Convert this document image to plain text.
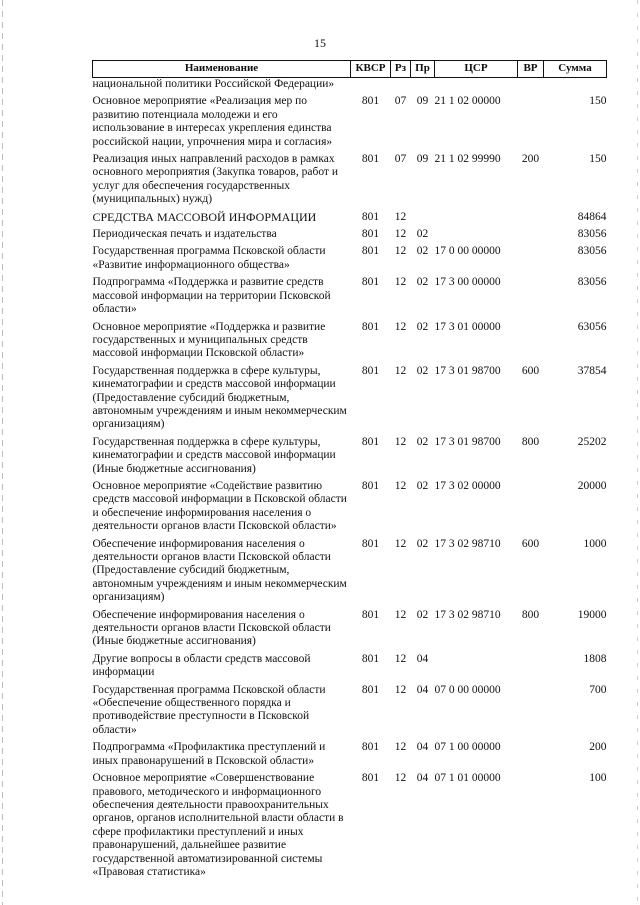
15
Наименование	КВСР	Рз	Пр	ЦСР	ВР	Сумма
национальной политики Российской Федерации»						
Основное мероприятие «Реализация мер по развитию потенциала молодежи и его использование в интересах укрепления единства российской нации, упрочнения мира и согласия»	801	07	09	21 1 02 00000		150
Реализация иных направлений расходов в рамках основного мероприятия (Закупка товаров, работ и услуг для обеспечения государственных (муниципальных) нужд)	801	07	09	21 1 02 99990	200	150
СРЕДСТВА МАССОВОЙ ИНФОРМАЦИИ	801	12				84864
Периодическая печать и издательства	801	12	02			83056
Государственная программа Псковской области «Развитие информационного общества»	801	12	02	17 0 00 00000		83056
Подпрограмма «Поддержка и развитие средств массовой информации на территории Псковской области»	801	12	02	17 3 00 00000		83056
Основное мероприятие «Поддержка и развитие государственных и муниципальных средств массовой информации Псковской области»	801	12	02	17 3 01 00000		63056
Государственная поддержка в сфере культуры, кинематографии и средств массовой информации (Предоставление субсидий бюджетным, автономным учреждениям и иным некоммерческим организациям)	801	12	02	17 3 01 98700	600	37854
Государственная поддержка в сфере культуры, кинематографии и средств массовой информации (Иные бюджетные ассигнования)	801	12	02	17 3 01 98700	800	25202
Основное мероприятие «Содействие развитию средств массовой информации в Псковской области и обеспечение информирования населения о деятельности органов власти Псковской области»	801	12	02	17 3 02 00000		20000
Обеспечение информирования населения о деятельности органов власти Псковской области (Предоставление субсидий бюджетным, автономным учреждениям и иным некоммерческим организациям)	801	12	02	17 3 02 98710	600	1000
Обеспечение информирования населения о деятельности органов власти Псковской области (Иные бюджетные ассигнования)	801	12	02	17 3 02 98710	800	19000
Другие вопросы в области средств массовой информации	801	12	04			1808
Государственная программа Псковской области «Обеспечение общественного порядка и противодействие преступности в Псковской области»	801	12	04	07 0 00 00000		700
Подпрограмма «Профилактика преступлений и иных правонарушений в Псковской области»	801	12	04	07 1 00 00000		200
Основное мероприятие «Совершенствование правового, методического и информационного обеспечения деятельности правоохранительных органов, органов исполнительной власти области в сфере профилактики преступлений и иных правонарушений, дальнейшее развитие государственной автоматизированной системы «Правовая статистика»	801	12	04	07 1 01 00000		100
